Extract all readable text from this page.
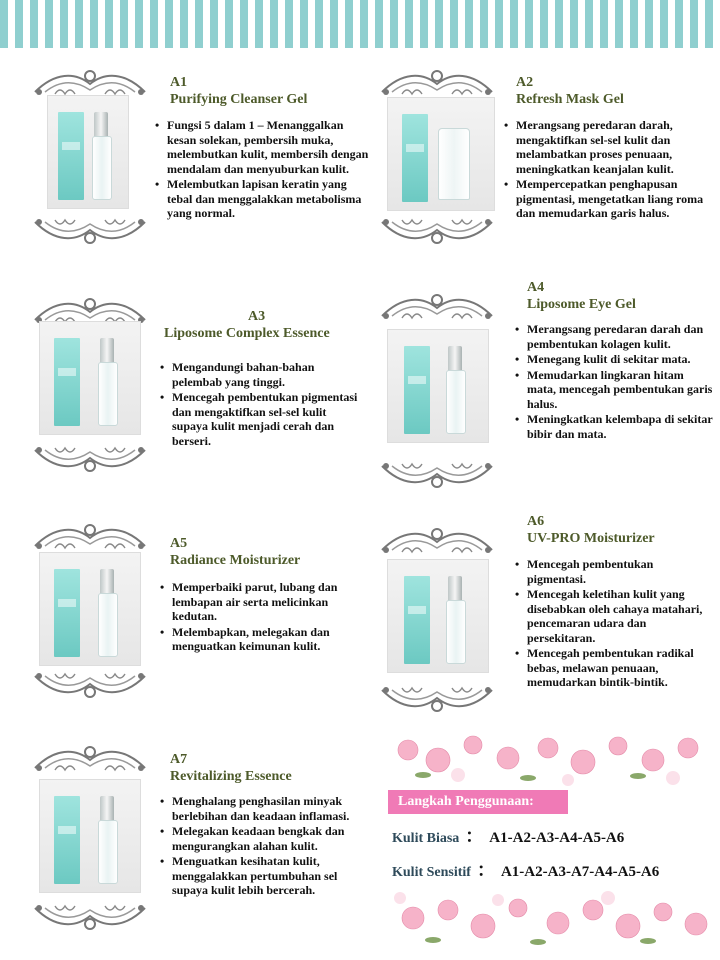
A1
Purifying Cleanser Gel
• Fungsi 5 dalam 1 – Menanggalkan kesan solekan, pembersih muka, melembutkan kulit, membersih dengan mendalam dan menyuburkan kulit.
• Melembutkan lapisan keratin yang tebal dan menggalakkan metabolisma yang normal.
A2
Refresh Mask Gel
• Merangsang peredaran darah, mengaktifkan sel-sel kulit dan melambatkan proses penuaan, meningkatkan keanjalan kulit.
• Mempercepatkan penghapusan pigmentasi, mengetatkan liang roma dan memudarkan garis halus.
A3
Liposome Complex Essence
• Mengandungi bahan-bahan pelembab yang tinggi.
• Mencegah pembentukan pigmentasi dan mengaktifkan sel-sel kulit supaya kulit menjadi cerah dan berseri.
A4
Liposome Eye Gel
• Merangsang peredaran darah dan pembentukan kolagen kulit.
• Menegang kulit di sekitar mata.
• Memudarkan lingkaran hitam mata, mencegah pembentukan garis halus.
• Meningkatkan kelembapa di sekitar bibir dan mata.
A5
Radiance Moisturizer
• Memperbaiki parut, lubang dan lembapan air serta melicinkan kedutan.
• Melembapkan, melegakan dan menguatkan keimunan kulit.
A6
UV-PRO Moisturizer
• Mencegah pembentukan pigmentasi.
• Mencegah keletihan kulit yang disebabkan oleh cahaya matahari, pencemaran udara dan persekitaran.
• Mencegah pembentukan radikal bebas, melawan penuaan, memudarkan bintik-bintik.
A7
Revitalizing Essence
• Menghalang penghasilan minyak berlebihan dan keadaan inflamasi.
• Melegakan keadaan bengkak dan mengurangkan alahan kulit.
• Menguatkan kesihatan kulit, menggalakkan pertumbuhan sel supaya kulit lebih bercerah.
Langkah Penggunaan:
Kulit Biasa ： A1-A2-A3-A4-A5-A6
Kulit Sensitif ： A1-A2-A3-A7-A4-A5-A6
